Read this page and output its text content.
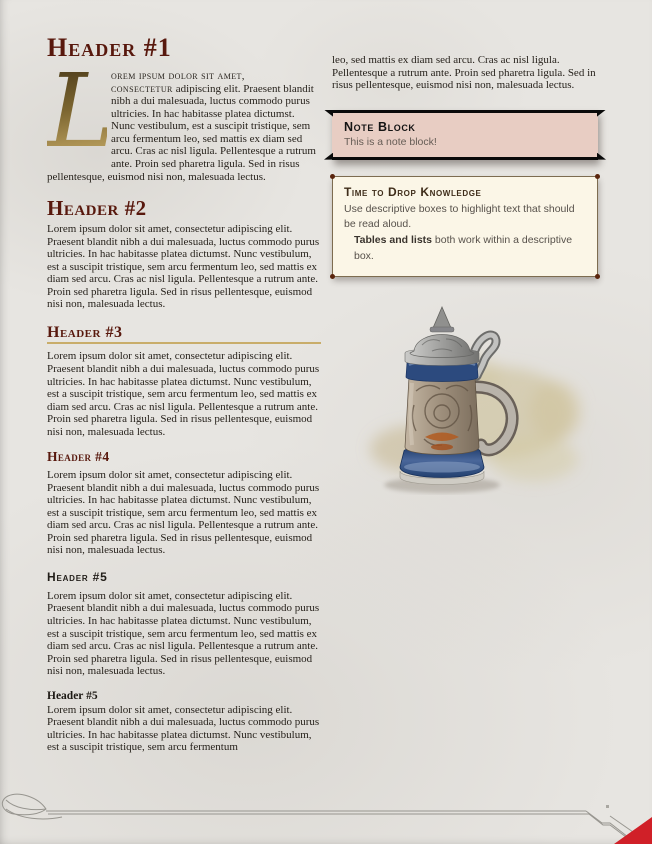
Header #1

L
orem ipsum dolor sit amet, consectetur adipiscing elit. Praesent blandit nibh a dui malesuada, luctus commodo purus ultricies. In hac habitasse platea dictumst. Nunc vestibulum, est a suscipit tristique, sem arcu fermentum leo, sed mattis ex diam sed arcu. Cras ac nisl ligula. Pellentesque a rutrum ante. Proin sed pharetra ligula. Sed in risus pellentesque, euismod nisi non, malesuada lectus.

Header #2

Lorem ipsum dolor sit amet, consectetur adipiscing elit. Praesent blandit nibh a dui malesuada, luctus commodo purus ultricies. In hac habitasse platea dictumst. Nunc vestibulum, est a suscipit tristique, sem arcu fermentum leo, sed mattis ex diam sed arcu. Cras ac nisl ligula. Pellentesque a rutrum ante. Proin sed pharetra ligula. Sed in risus pellentesque, euismod nisi non, malesuada lectus.

Header #3

Lorem ipsum dolor sit amet, consectetur adipiscing elit. Praesent blandit nibh a dui malesuada, luctus commodo purus ultricies. In hac habitasse platea dictumst. Nunc vestibulum, est a suscipit tristique, sem arcu fermentum leo, sed mattis ex diam sed arcu. Cras ac nisl ligula. Pellentesque a rutrum ante. Proin sed pharetra ligula. Sed in risus pellentesque, euismod nisi non, malesuada lectus.

Header #4

Lorem ipsum dolor sit amet, consectetur adipiscing elit. Praesent blandit nibh a dui malesuada, luctus commodo purus ultricies. In hac habitasse platea dictumst. Nunc vestibulum, est a suscipit tristique, sem arcu fermentum leo, sed mattis ex diam sed arcu. Cras ac nisl ligula. Pellentesque a rutrum ante. Proin sed pharetra ligula. Sed in risus pellentesque, euismod nisi non, malesuada lectus.

Header #5

Lorem ipsum dolor sit amet, consectetur adipiscing elit. Praesent blandit nibh a dui malesuada, luctus commodo purus ultricies. In hac habitasse platea dictumst. Nunc vestibulum, est a suscipit tristique, sem arcu fermentum leo, sed mattis ex diam sed arcu. Cras ac nisl ligula. Pellentesque a rutrum ante. Proin sed pharetra ligula. Sed in risus pellentesque, euismod nisi non, malesuada lectus.

Header #5

Lorem ipsum dolor sit amet, consectetur adipiscing elit. Praesent blandit nibh a dui malesuada, luctus commodo purus ultricies. In hac habitasse platea dictumst. Nunc vestibulum, est a suscipit tristique, sem arcu fermentum

leo, sed mattis ex diam sed arcu. Cras ac nisl ligula. Pellentesque a rutrum ante. Proin sed pharetra ligula. Sed in risus pellentesque, euismod nisi non, malesuada lectus.

Note Block
This is a note block!
Time to Drop Knowledge
Use descriptive boxes to highlight text that should be read aloud.
Tables and lists both work within a descriptive box.
